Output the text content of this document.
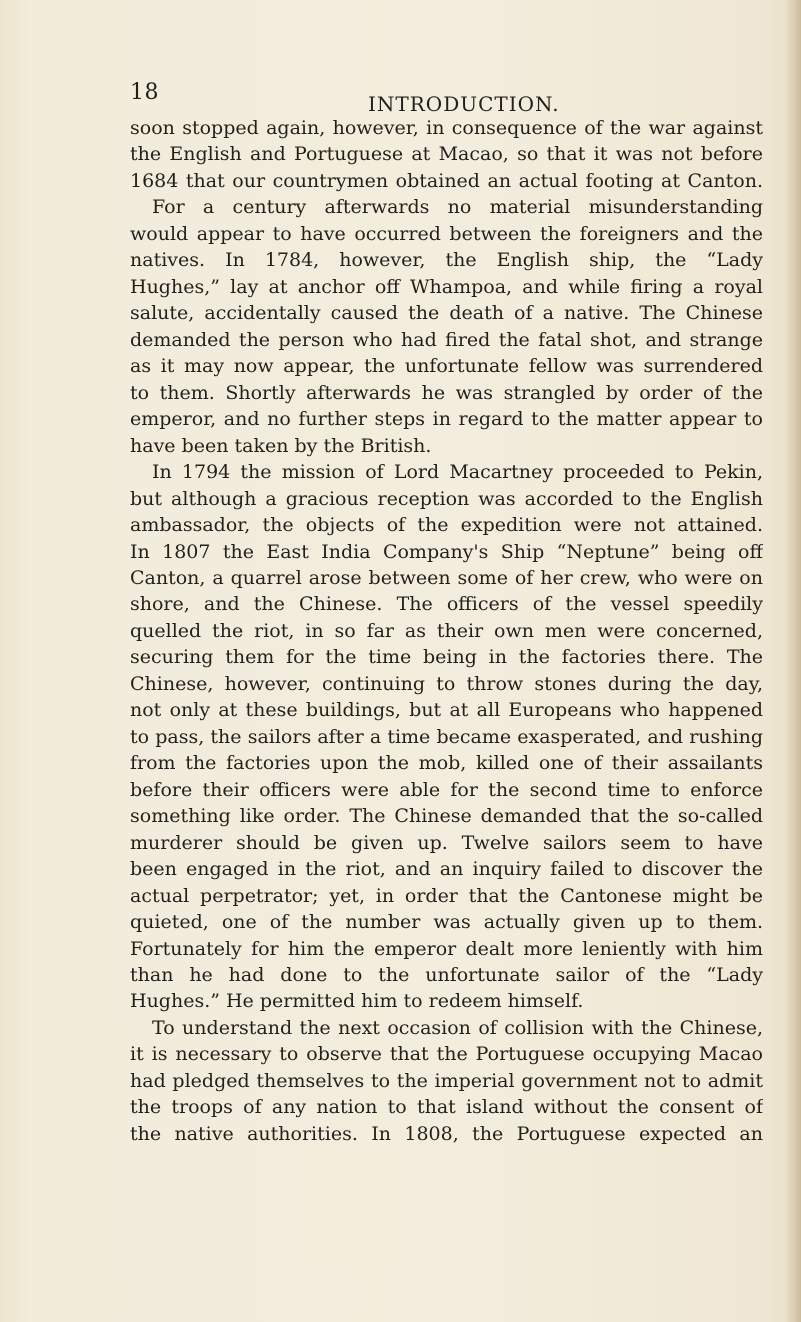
18	INTRODUCTION.
soon stopped again, however, in consequence of the war against
the English and Portuguese at Macao, so that it was not before
1684 that our countrymen obtained an actual footing at Canton.
For a century afterwards no material misunderstanding
would appear to have occurred between the foreigners and the
natives. In 1784, however, the English ship, the “Lady
Hughes,” lay at anchor off Whampoa, and while firing a royal
salute, accidentally caused the death of a native. The Chinese
demanded the person who had fired the fatal shot, and strange
as it may now appear, the unfortunate fellow was surrendered
to them. Shortly afterwards he was strangled by order of the
emperor, and no further steps in regard to the matter appear to
have been taken by the British.
In 1794 the mission of Lord Macartney proceeded to Pekin,
but although a gracious reception was accorded to the English
ambassador, the objects of the expedition were not attained.
In 1807 the East India Company's Ship “Neptune” being off
Canton, a quarrel arose between some of her crew, who were on
shore, and the Chinese. The officers of the vessel speedily
quelled the riot, in so far as their own men were concerned,
securing them for the time being in the factories there. The
Chinese, however, continuing to throw stones during the day,
not only at these buildings, but at all Europeans who happened
to pass, the sailors after a time became exasperated, and rushing
from the factories upon the mob, killed one of their assailants
before their officers were able for the second time to enforce
something like order. The Chinese demanded that the so-called
murderer should be given up. Twelve sailors seem to have
been engaged in the riot, and an inquiry failed to discover the
actual perpetrator; yet, in order that the Cantonese might be
quieted, one of the number was actually given up to them.
Fortunately for him the emperor dealt more leniently with him
than he had done to the unfortunate sailor of the “Lady
Hughes.” He permitted him to redeem himself.
To understand the next occasion of collision with the Chinese,
it is necessary to observe that the Portuguese occupying Macao
had pledged themselves to the imperial government not to admit
the troops of any nation to that island without the consent of
the native authorities. In 1808, the Portuguese expected an
